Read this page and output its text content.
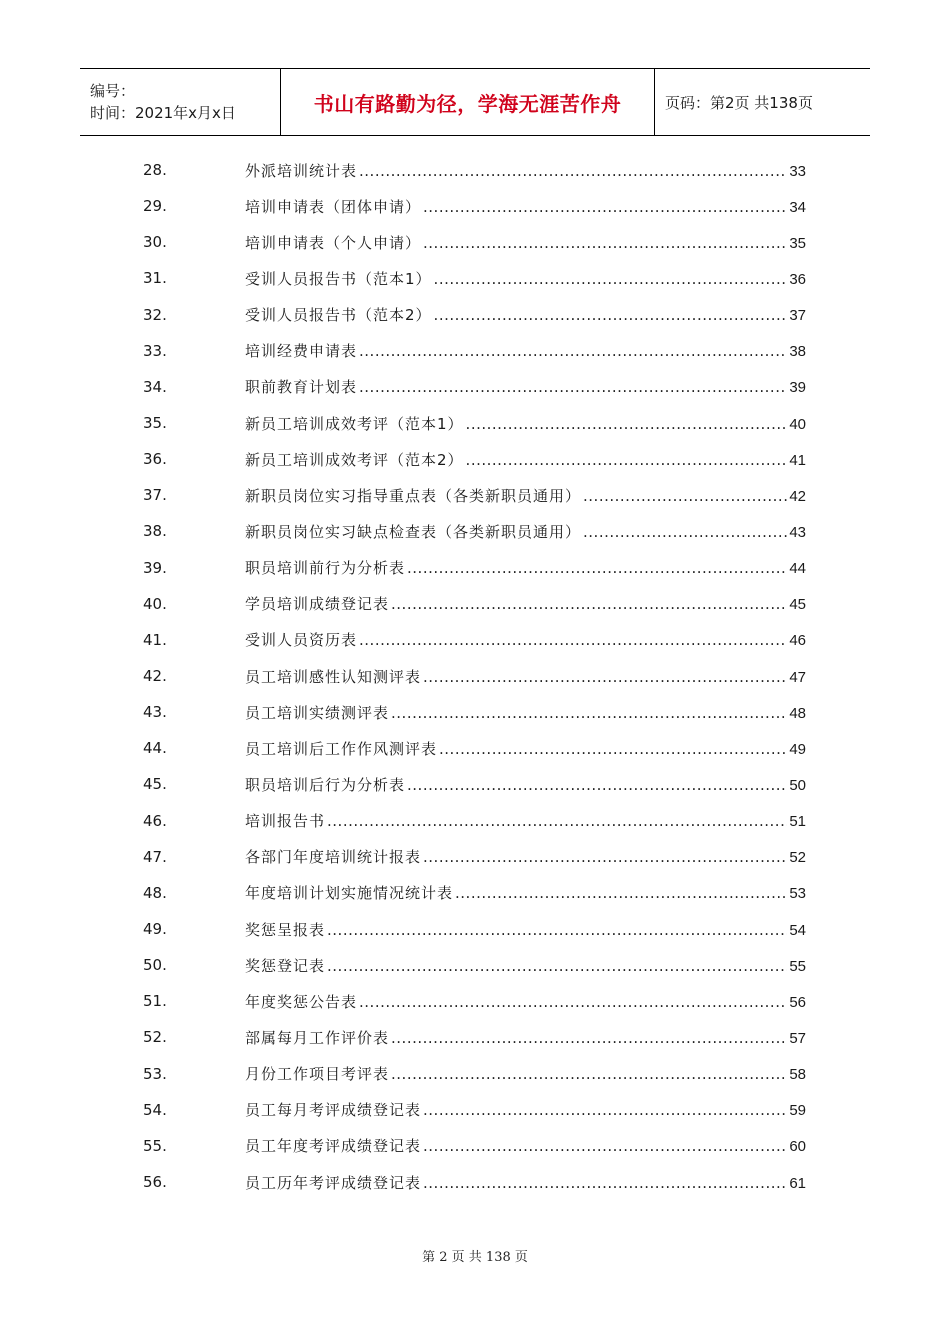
编号：
时间：2021年x月x日	书山有路勤为径，学海无涯苦作舟	页码：第2页 共138页
28.	外派培训统计表 .....	33
29.	培训申请表（团体申请） .....	34
30.	培训申请表（个人申请） .....	35
31.	受训人员报告书（范本1） .....	36
32.	受训人员报告书（范本2） .....	37
33.	培训经费申请表 .....	38
34.	职前教育计划表 .....	39
35.	新员工培训成效考评（范本1） .....	40
36.	新员工培训成效考评（范本2） .....	41
37.	新职员岗位实习指导重点表（各类新职员通用） .....	42
38.	新职员岗位实习缺点检查表（各类新职员通用） .....	43
39.	职员培训前行为分析表 .....	44
40.	学员培训成绩登记表 .....	45
41.	受训人员资历表 .....	46
42.	员工培训感性认知测评表 .....	47
43.	员工培训实绩测评表 .....	48
44.	员工培训后工作作风测评表 .....	49
45.	职员培训后行为分析表 .....	50
46.	培训报告书 .....	51
47.	各部门年度培训统计报表 .....	52
48.	年度培训计划实施情况统计表 .....	53
49.	奖惩呈报表 .....	54
50.	奖惩登记表 .....	55
51.	年度奖惩公告表 .....	56
52.	部属每月工作评价表 .....	57
53.	月份工作项目考评表 .....	58
54.	员工每月考评成绩登记表 .....	59
55.	员工年度考评成绩登记表 .....	60
56.	员工历年考评成绩登记表 .....	61
第 2 页 共 138 页
